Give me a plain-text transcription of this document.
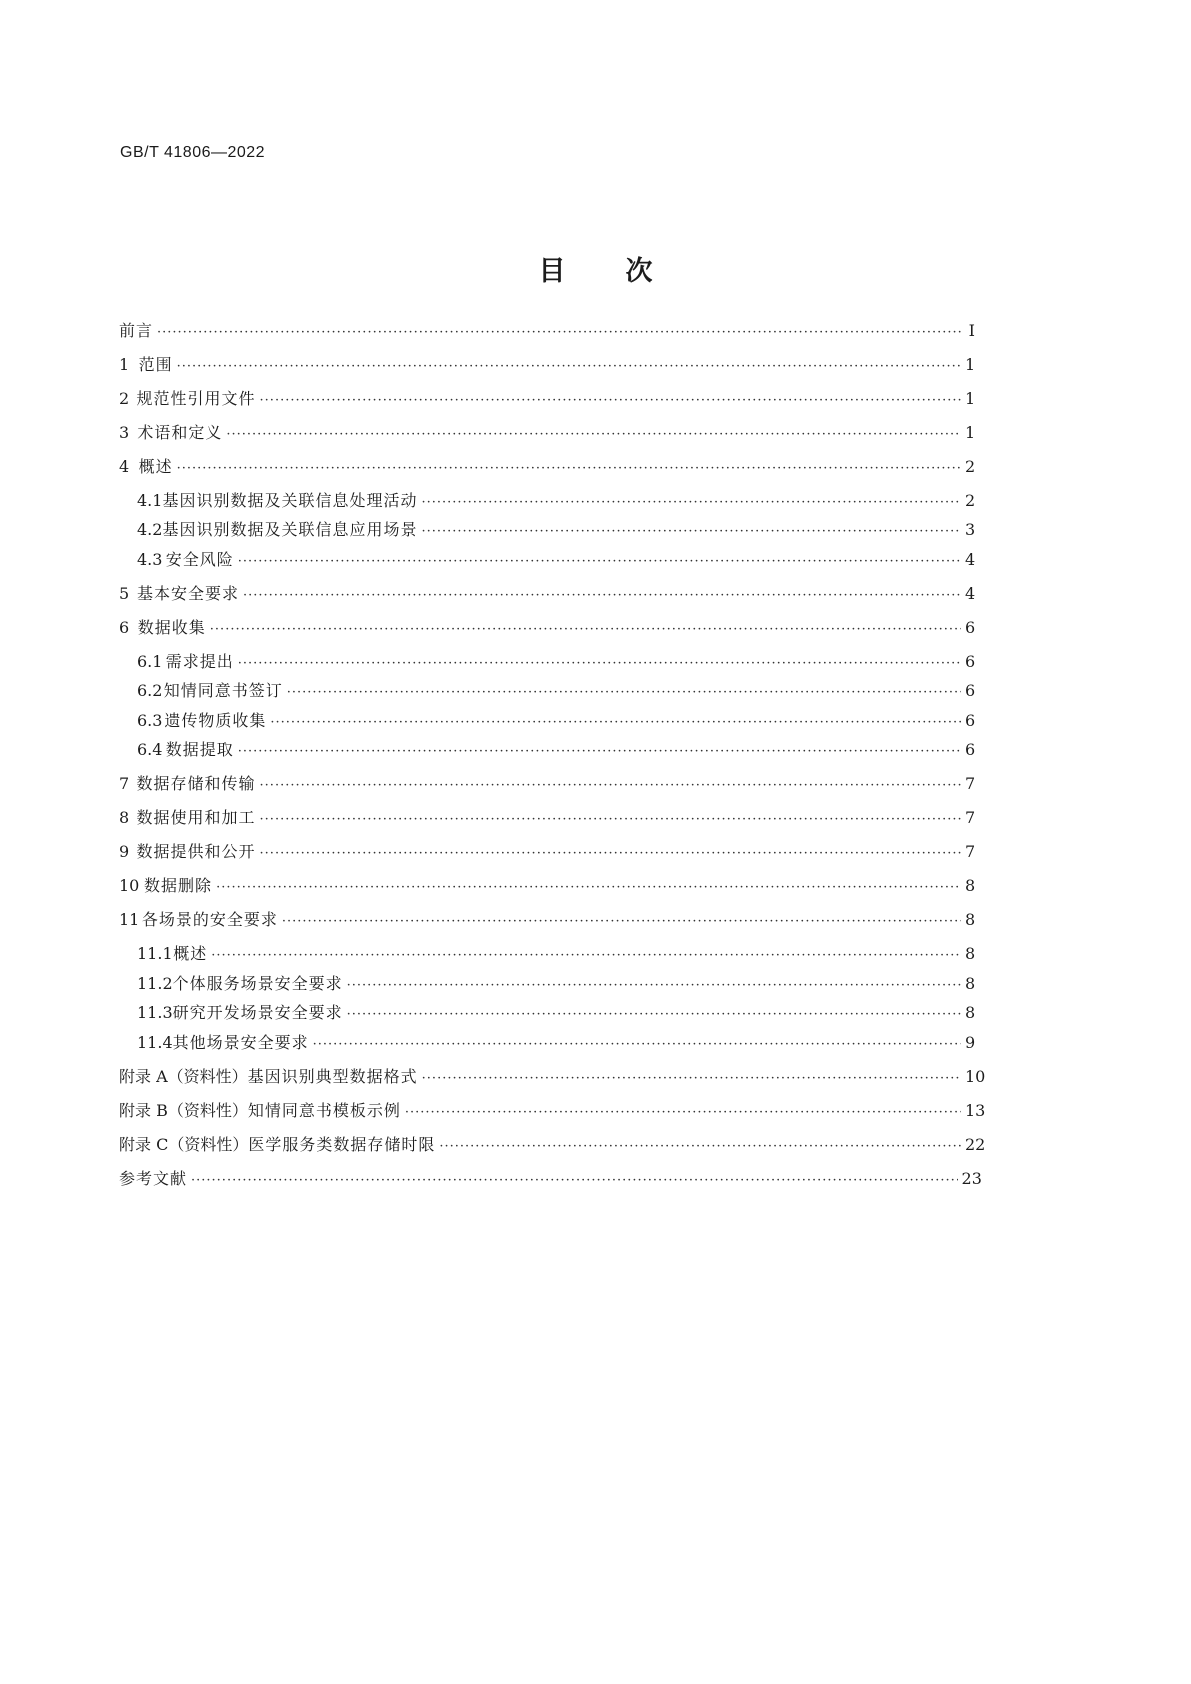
GB/T 41806—2022
目 次
前言 ·····	Ⅰ
1 范围 ·····	1
2 规范性引用文件 ·····	1
3 术语和定义 ·····	1
4 概述 ·····	2
4.1 基因识别数据及关联信息处理活动 ·····	2
4.2 基因识别数据及关联信息应用场景 ·····	3
4.3 安全风险 ·····	4
5 基本安全要求 ·····	4
6 数据收集 ·····	6
6.1 需求提出 ·····	6
6.2 知情同意书签订 ·····	6
6.3 遗传物质收集 ·····	6
6.4 数据提取 ·····	6
7 数据存储和传输 ·····	7
8 数据使用和加工 ·····	7
9 数据提供和公开 ·····	7
10 数据删除 ·····	8
11 各场景的安全要求 ·····	8
11.1 概述 ·····	8
11.2 个体服务场景安全要求 ·····	8
11.3 研究开发场景安全要求 ·····	8
11.4 其他场景安全要求 ·····	9
附录 A（资料性） 基因识别典型数据格式 ·····	10
附录 B（资料性） 知情同意书模板示例 ·····	13
附录 C（资料性） 医学服务类数据存储时限 ·····	22
参考文献 ·····	23
